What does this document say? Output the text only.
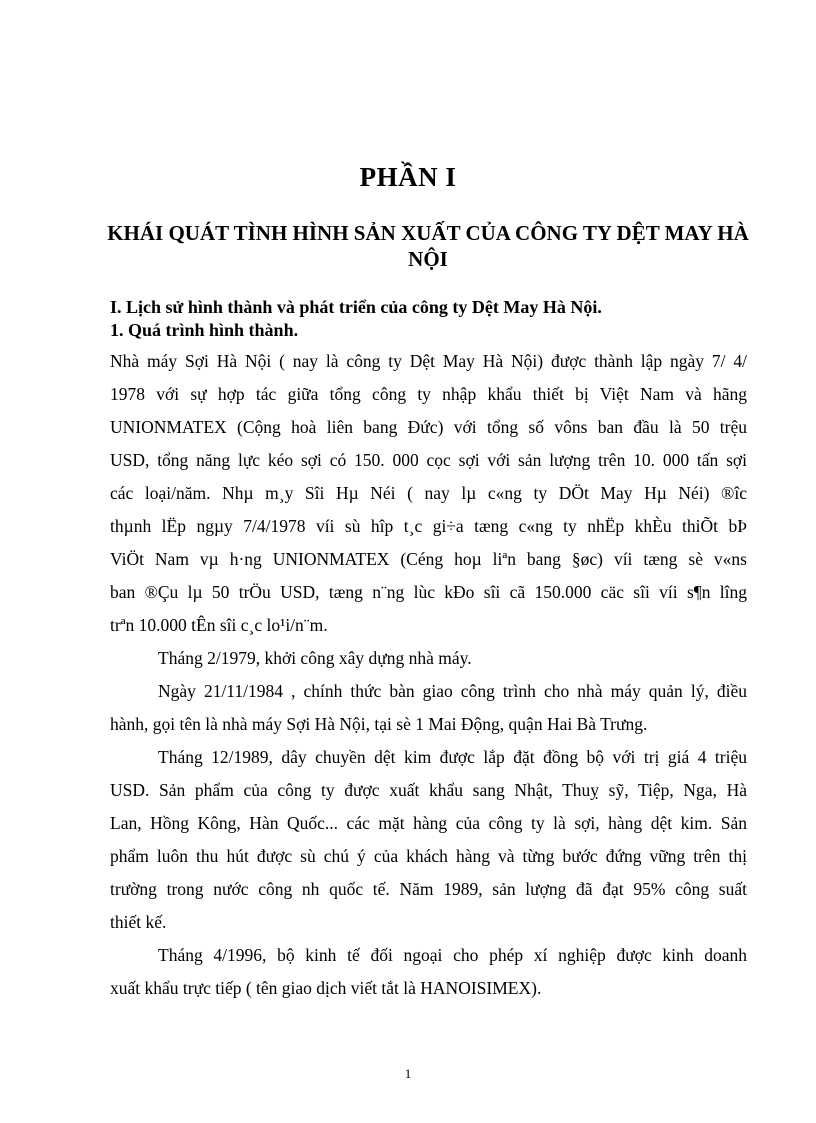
PHẦN I
KHÁI QUÁT TÌNH HÌNH SẢN XUẤT CỦA CÔNG TY DỆT MAY HÀ NỘI
I. Lịch sử hình thành và phát triển của công ty Dệt May Hà Nội.
1. Quá trình hình thành.
Nhà máy Sợi Hà Nội ( nay là công ty Dệt May Hà Nội) được thành lập ngày 7/ 4/
1978 với sự hợp tác giữa tổng công ty nhập khẩu thiết bị Việt Nam và hãng
UNIONMATEX (Cộng hoà liên bang Đức) với tổng số vôns ban đầu là 50 trệu
USD, tổng năng lực kéo sợi có 150. 000 cọc sợi với sản lượng trên 10. 000 tấn sợi
các loại/năm. Nhµ m¸y Sîi Hµ Néi ( nay lµ c«ng ty DÖt May Hµ Néi) ®îc
thµnh lËp ngµy 7/4/1978 víi sù hîp t¸c gi÷a tæng c«ng ty nhËp khÈu thiÕt bÞ
ViÖt Nam vµ h·ng UNIONMATEX (Céng hoµ liªn bang §øc) víi tæng sè v«ns
ban ®Çu lµ 50 trÖu USD, tæng n¨ng lùc kÐo sîi cã 150.000 cäc sîi víi s¶n lîng
trªn 10.000 tÊn sîi c¸c lo¹i/n¨m.
Tháng 2/1979, khởi công xây dựng nhà máy.
Ngày 21/11/1984 , chính thức bàn giao công trình cho nhà máy quản lý, điều
hành, gọi tên là nhà máy Sợi Hà Nội, tại sè 1 Mai Động, quận Hai Bà Trưng.
Tháng 12/1989, dây chuyền dệt kim được lắp đặt đồng bộ với trị giá 4 triệu
USD. Sản phẩm của công ty được xuất khẩu sang Nhật, Thuỵ sỹ, Tiệp, Nga, Hà
Lan, Hồng Kông, Hàn Quốc... các mặt hàng của công ty là sợi, hàng dệt kim. Sản
phẩm luôn thu hút được sù chú ý của khách hàng và từng bước đứng vững trên thị
trường trong nước công nh quốc tế. Năm 1989, sản lượng đã đạt 95% công suất
thiết kế.
Tháng 4/1996, bộ kinh tế đối ngoại cho phép xí nghiệp được kinh doanh
xuất khẩu trực tiếp ( tên giao dịch viết tắt là HANOISIMEX).
1
